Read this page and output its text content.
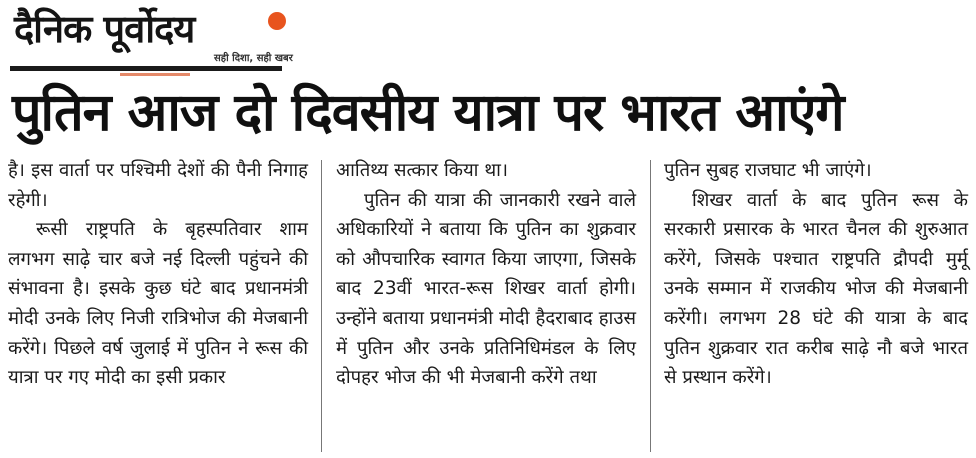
दैनिक पूर्वोदय
सही दिशा, सही खबर
पुतिन आज दो दिवसीय यात्रा पर भारत आएंगे

है। इस वार्ता पर पश्चिमी देशों की पैनी निगाह रहेगी।

रूसी राष्ट्रपति के बृहस्पतिवार शाम लगभग साढ़े चार बजे नई दिल्ली पहुंचने की संभावना है। इसके कुछ घंटे बाद प्रधानमंत्री मोदी उनके लिए निजी रात्रिभोज की मेजबानी करेंगे। पिछले वर्ष जुलाई में पुतिन ने रूस की यात्रा पर गए मोदी का इसी प्रकार

आतिथ्य सत्कार किया था।

पुतिन की यात्रा की जानकारी रखने वाले अधिकारियों ने बताया कि पुतिन का शुक्रवार को औपचारिक स्वागत किया जाएगा, जिसके बाद 23वीं भारत-रूस शिखर वार्ता होगी। उन्होंने बताया प्रधानमंत्री मोदी हैदराबाद हाउस में पुतिन और उनके प्रतिनिधिमंडल के लिए दोपहर भोज की भी मेजबानी करेंगे तथा

पुतिन सुबह राजघाट भी जाएंगे।

शिखर वार्ता के बाद पुतिन रूस के सरकारी प्रसारक के भारत चैनल की शुरुआत करेंगे, जिसके पश्चात राष्ट्रपति द्रौपदी मुर्मू उनके सम्मान में राजकीय भोज की मेजबानी करेंगी। लगभग 28 घंटे की यात्रा के बाद पुतिन शुक्रवार रात करीब साढ़े नौ बजे भारत से प्रस्थान करेंगे।
